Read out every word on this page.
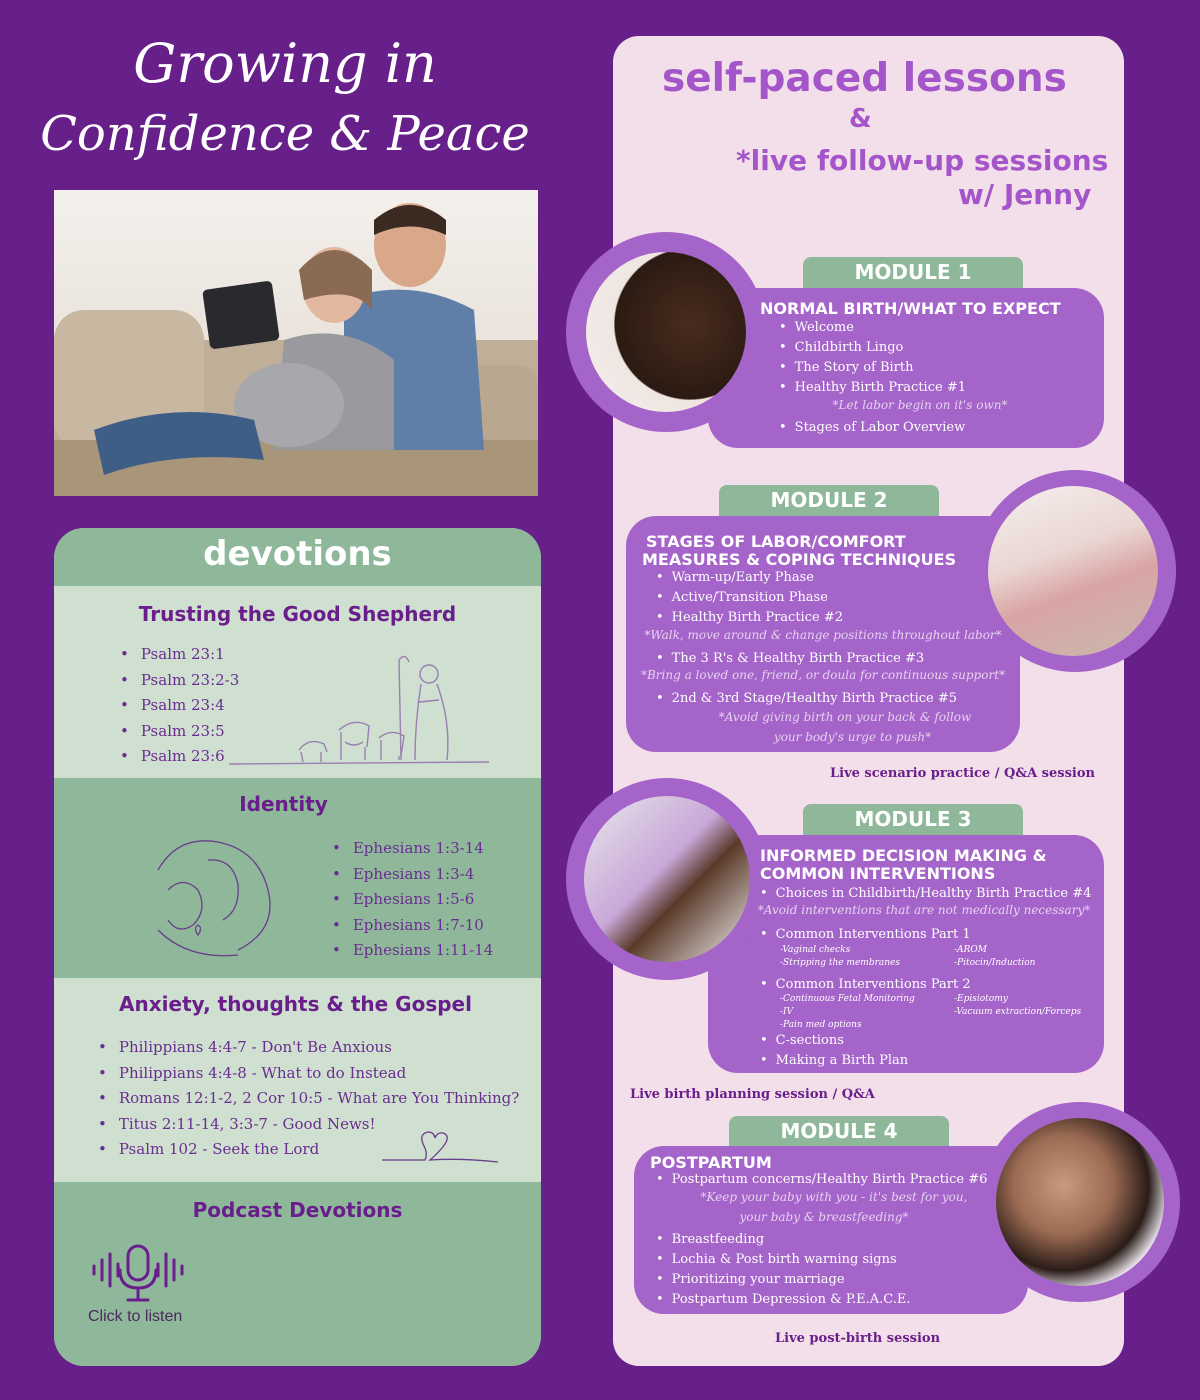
Growing in
Confidence & Peace
devotions
Trusting the Good Shepherd
• Psalm 23:1
• Psalm 23:2-3
• Psalm 23:4
• Psalm 23:5
• Psalm 23:6
Identity
• Ephesians 1:3-14
• Ephesians 1:3-4
• Ephesians 1:5-6
• Ephesians 1:7-10
• Ephesians 1:11-14
Anxiety, thoughts & the Gospel
• Philippians 4:4-7 - Don't Be Anxious
• Philippians 4:4-8 - What to do Instead
• Romans 12:1-2, 2 Cor 10:5 - What are You Thinking?
• Titus 2:11-14, 3:3-7 - Good News!
• Psalm 102 - Seek the Lord
Podcast Devotions
Click to listen
self-paced lessons
&
*live follow-up sessions
w/ Jenny
MODULE 1
NORMAL BIRTH/WHAT TO EXPECT
• Welcome
• Childbirth Lingo
• The Story of Birth
• Healthy Birth Practice #1
*Let labor begin on it's own*
• Stages of Labor Overview
MODULE 2
STAGES OF LABOR/COMFORT
MEASURES & COPING TECHNIQUES
• Warm-up/Early Phase
• Active/Transition Phase
• Healthy Birth Practice #2
*Walk, move around & change positions throughout labor*
• The 3 R's & Healthy Birth Practice #3
*Bring a loved one, friend, or doula for continuous support*
• 2nd & 3rd Stage/Healthy Birth Practice #5
*Avoid giving birth on your back & follow
your body's urge to push*
Live scenario practice / Q&A session
MODULE 3
INFORMED DECISION MAKING &
COMMON INTERVENTIONS
• Choices in Childbirth/Healthy Birth Practice #4
*Avoid interventions that are not medically necessary*
• Common Interventions Part 1
-Vaginal checks
-Stripping the membranes
-AROM
-Pitocin/Induction
• Common Interventions Part 2
-Continuous Fetal Monitoring
-IV
-Pain med options
-Episiotomy
-Vacuum extraction/Forceps
• C-sections
• Making a Birth Plan
Live birth planning session / Q&A
MODULE 4
POSTPARTUM
• Postpartum concerns/Healthy Birth Practice #6
*Keep your baby with you - it's best for you,
your baby & breastfeeding*
• Breastfeeding
• Lochia & Post birth warning signs
• Prioritizing your marriage
• Postpartum Depression & P.E.A.C.E.
Live post-birth session
